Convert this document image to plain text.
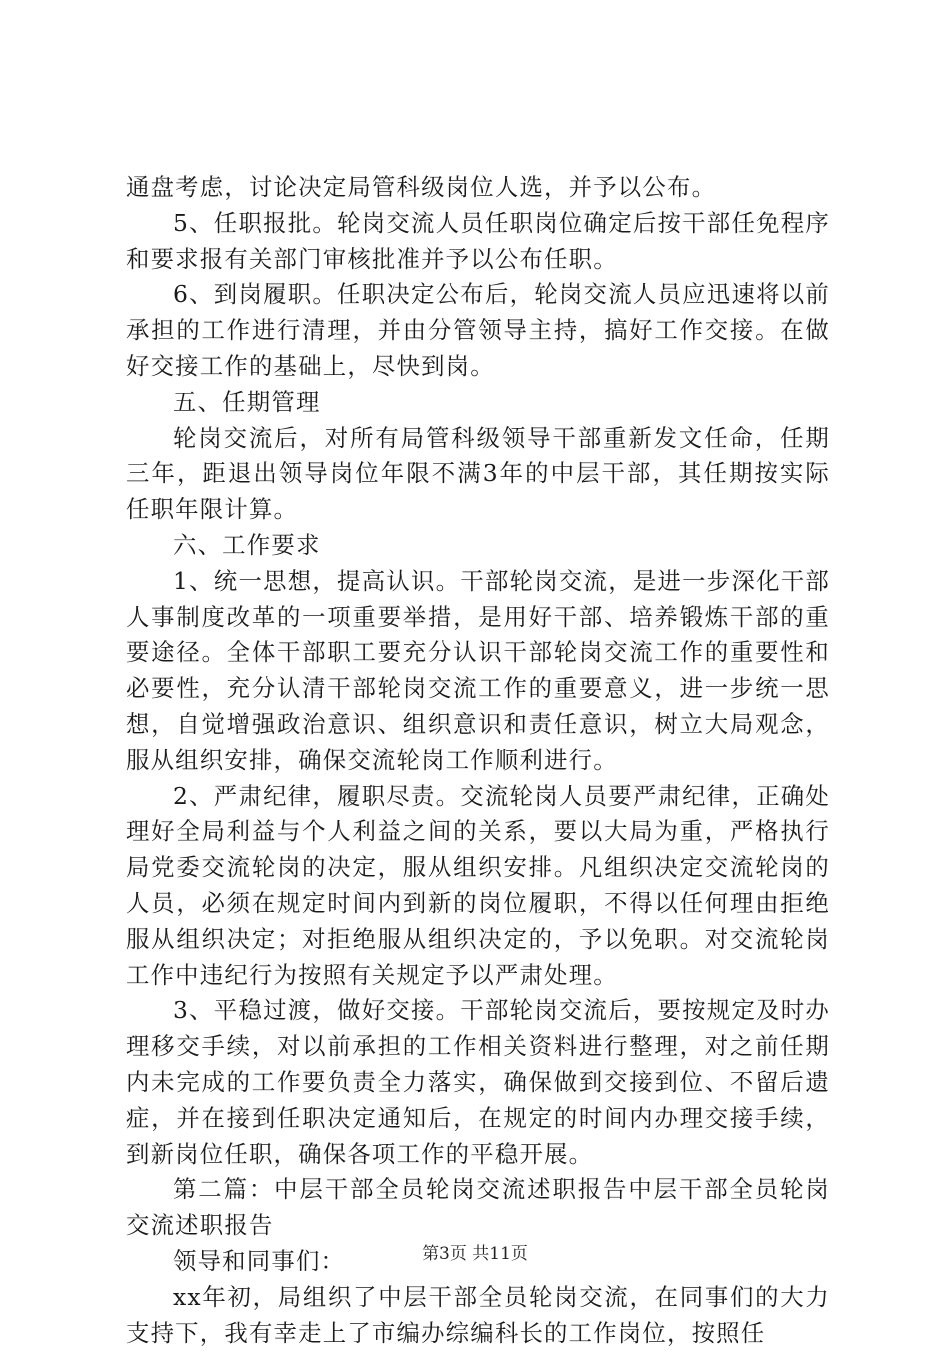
通盘考虑，讨论决定局管科级岗位人选，并予以公布。

5、任职报批。轮岗交流人员任职岗位确定后按干部任免程序和要求报有关部门审核批准并予以公布任职。

6、到岗履职。任职决定公布后，轮岗交流人员应迅速将以前承担的工作进行清理，并由分管领导主持，搞好工作交接。在做好交接工作的基础上，尽快到岗。

五、任期管理

轮岗交流后，对所有局管科级领导干部重新发文任命，任期三年，距退出领导岗位年限不满3年的中层干部，其任期按实际任职年限计算。

六、工作要求

1、统一思想，提高认识。干部轮岗交流，是进一步深化干部人事制度改革的一项重要举措，是用好干部、培养锻炼干部的重要途径。全体干部职工要充分认识干部轮岗交流工作的重要性和必要性，充分认清干部轮岗交流工作的重要意义，进一步统一思想，自觉增强政治意识、组织意识和责任意识，树立大局观念，服从组织安排，确保交流轮岗工作顺利进行。

2、严肃纪律，履职尽责。交流轮岗人员要严肃纪律，正确处理好全局利益与个人利益之间的关系，要以大局为重，严格执行局党委交流轮岗的决定，服从组织安排。凡组织决定交流轮岗的人员，必须在规定时间内到新的岗位履职，不得以任何理由拒绝服从组织决定；对拒绝服从组织决定的，予以免职。对交流轮岗工作中违纪行为按照有关规定予以严肃处理。

3、平稳过渡，做好交接。干部轮岗交流后，要按规定及时办理移交手续，对以前承担的工作相关资料进行整理，对之前任期内未完成的工作要负责全力落实，确保做到交接到位、不留后遗症，并在接到任职决定通知后，在规定的时间内办理交接手续，到新岗位任职，确保各项工作的平稳开展。

第二篇：中层干部全员轮岗交流述职报告中层干部全员轮岗交流述职报告

领导和同事们：

xx年初，局组织了中层干部全员轮岗交流，在同事们的大力支持下，我有幸走上了市编办综编科长的工作岗位，按照任

第3页 共11页
